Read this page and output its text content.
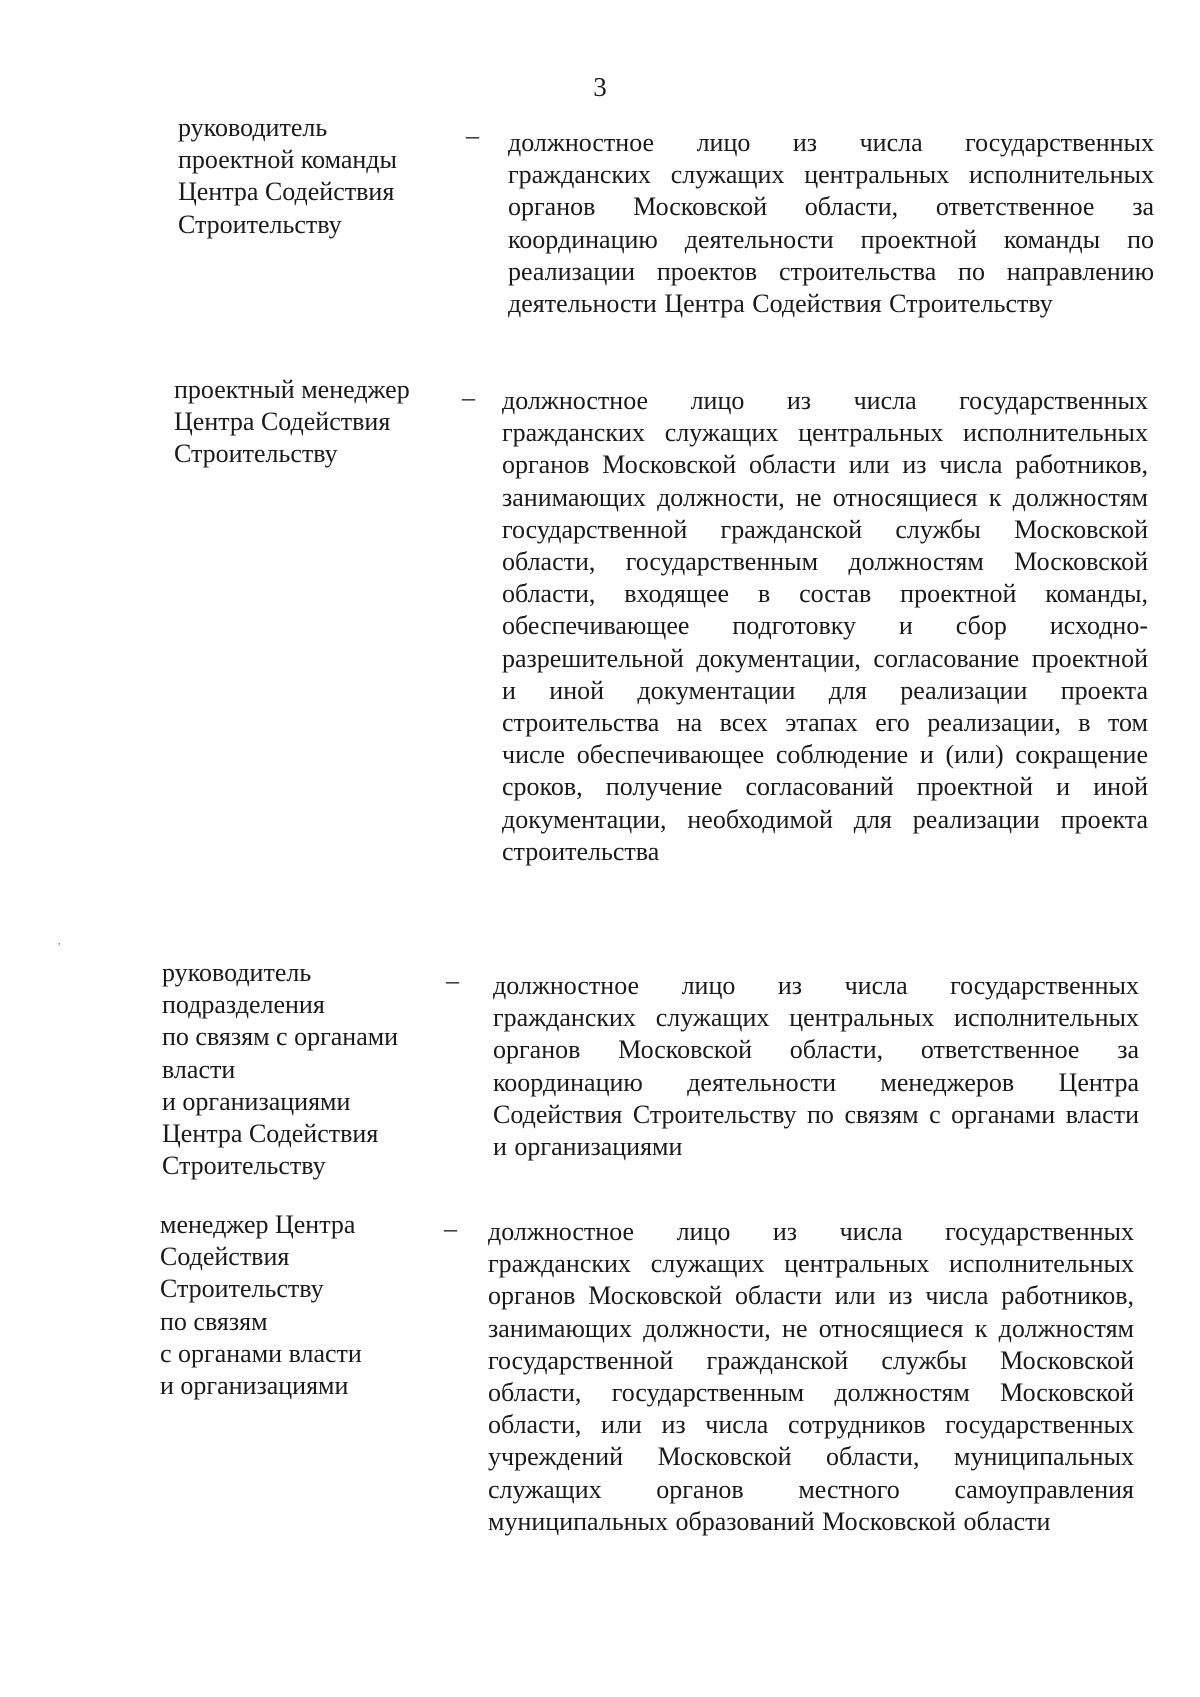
3
руководитель
проектной команды
Центра Содействия
Строительству
– должностное лицо из числа государственных гражданских служащих центральных исполнительных органов Московской области, ответственное за координацию деятельности проектной команды по реализации проектов строительства по направлению деятельности Центра Содействия Строительству
проектный менеджер
Центра Содействия
Строительству
– должностное лицо из числа государственных гражданских служащих центральных исполнительных органов Московской области или из числа работников, занимающих должности, не относящиеся к должностям государственной гражданской службы Московской области, государственным должностям Московской области, входящее в состав проектной команды, обеспечивающее подготовку и сбор исходно-разрешительной документации, согласование проектной и иной документации для реализации проекта строительства на всех этапах его реализации, в том числе обеспечивающее соблюдение и (или) сокращение сроков, получение согласований проектной и иной документации, необходимой для реализации проекта строительства
руководитель
подразделения
по связям с органами
власти
и организациями
Центра Содействия
Строительству
– должностное лицо из числа государственных гражданских служащих центральных исполнительных органов Московской области, ответственное за координацию деятельности менеджеров Центра Содействия Строительству по связям с органами власти и организациями
менеджер Центра
Содействия
Строительству
по связям
с органами власти
и организациями
– должностное лицо из числа государственных гражданских служащих центральных исполнительных органов Московской области или из числа работников, занимающих должности, не относящиеся к должностям государственной гражданской службы Московской области, государственным должностям Московской области, или из числа сотрудников государственных учреждений Московской области, муниципальных служащих органов местного самоуправления муниципальных образований Московской области
,
